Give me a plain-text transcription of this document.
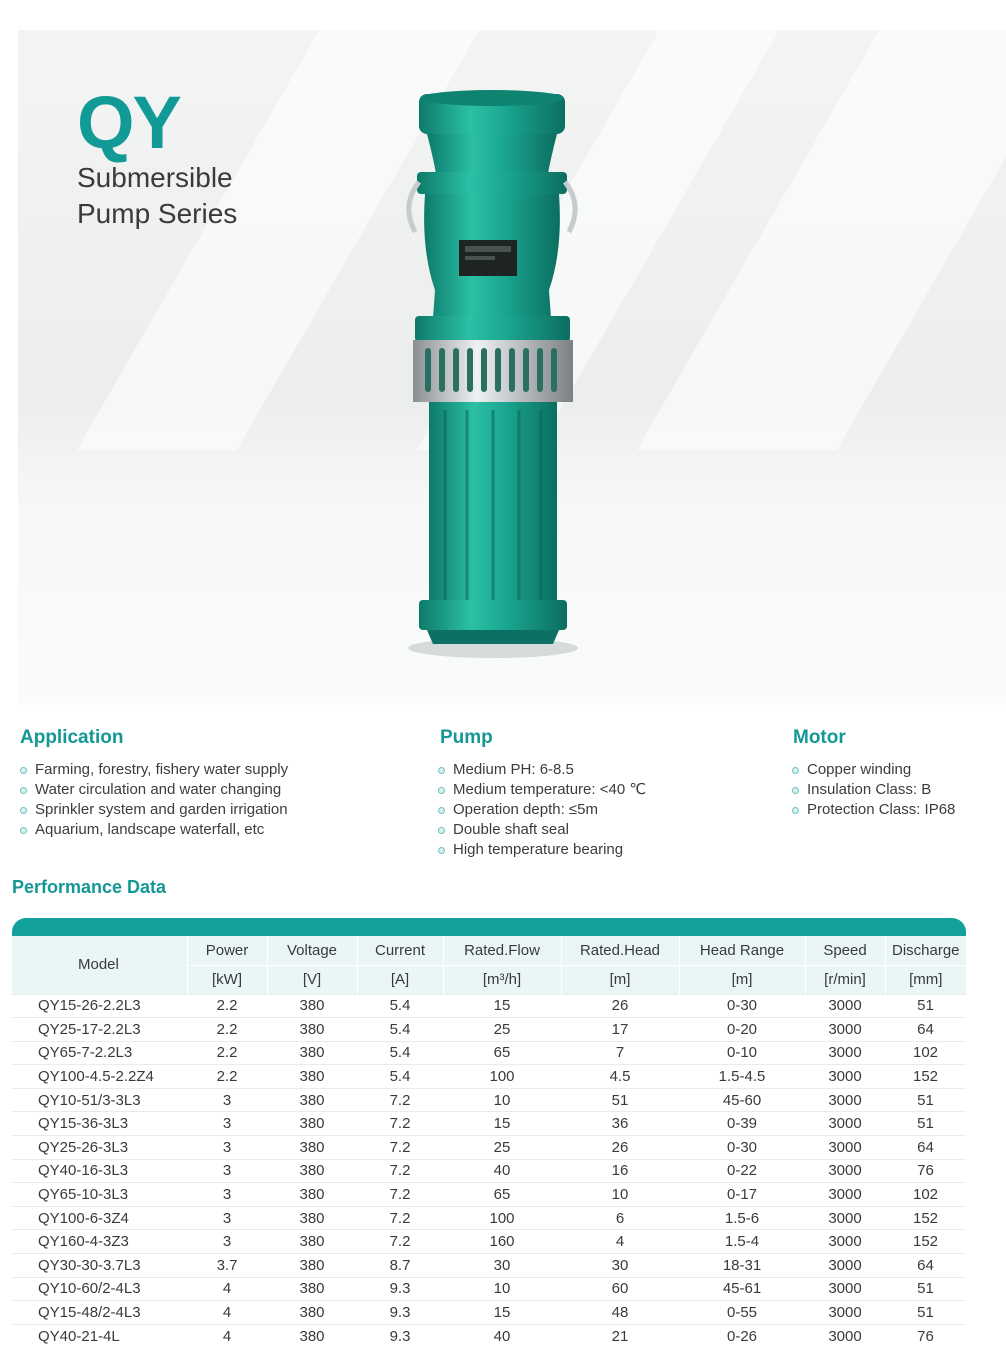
QY
Submersible
Pump Series
Application
Farming, forestry, fishery water supply
Water circulation and water changing
Sprinkler system and garden irrigation
Aquarium, landscape waterfall, etc
Pump
Medium PH: 6-8.5
Medium temperature: <40 ℃
Operation depth: ≤5m
Double shaft seal
High temperature bearing
Motor
Copper winding
Insulation Class: B
Protection Class: IP68
Performance Data
Model	Power	Voltage	Current	Rated.Flow	Rated.Head	Head Range	Speed	Discharge
	[kW]	[V]	[A]	[m³/h]	[m]	[m]	[r/min]	[mm]
QY15-26-2.2L3	2.2	380	5.4	15	26	0-30	3000	51
QY25-17-2.2L3	2.2	380	5.4	25	17	0-20	3000	64
QY65-7-2.2L3	2.2	380	5.4	65	7	0-10	3000	102
QY100-4.5-2.2Z4	2.2	380	5.4	100	4.5	1.5-4.5	3000	152
QY10-51/3-3L3	3	380	7.2	10	51	45-60	3000	51
QY15-36-3L3	3	380	7.2	15	36	0-39	3000	51
QY25-26-3L3	3	380	7.2	25	26	0-30	3000	64
QY40-16-3L3	3	380	7.2	40	16	0-22	3000	76
QY65-10-3L3	3	380	7.2	65	10	0-17	3000	102
QY100-6-3Z4	3	380	7.2	100	6	1.5-6	3000	152
QY160-4-3Z3	3	380	7.2	160	4	1.5-4	3000	152
QY30-30-3.7L3	3.7	380	8.7	30	30	18-31	3000	64
QY10-60/2-4L3	4	380	9.3	10	60	45-61	3000	51
QY15-48/2-4L3	4	380	9.3	15	48	0-55	3000	51
QY40-21-4L	4	380	9.3	40	21	0-26	3000	76
